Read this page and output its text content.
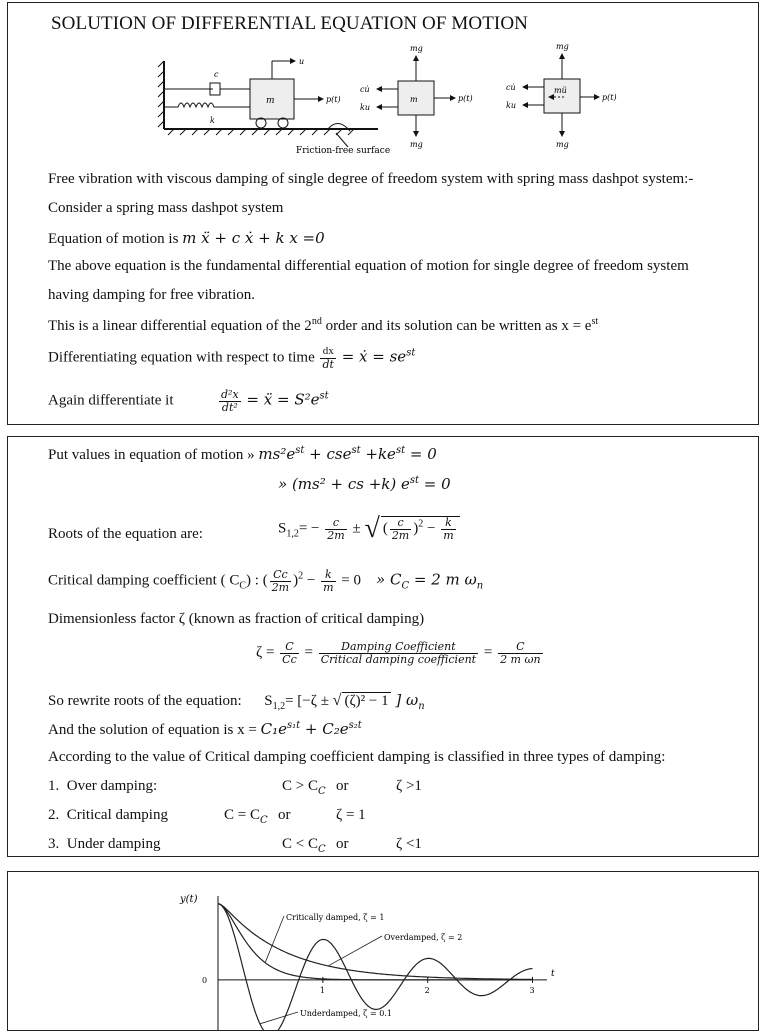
SOLUTION OF DIFFERENTIAL EQUATION OF MOTION
c
k
m
u
p(t)
Friction-free surface
m
mg
mg
cu̇
ku
p(t)
mü
mg
mg
cu̇
ku
p(t)
Free vibration with viscous damping of single degree of freedom system with spring mass dashpot system:-
Consider a spring mass dashpot system
Equation of motion is m ẍ + c ẋ + k x =0
The above equation is the fundamental differential equation of motion for single degree of freedom system
having damping for free vibration.
This is a linear differential equation of the 2nd order and its solution can be written as $x = e^{st}$
Differentiating equation with respect to time $\frac{dx}{dt}$ = ẋ = $se^{st}$
Again differentiate it	$\frac{\text{d²x}}{\text{dt²}}$ = ẍ = $S^2e^{st}$
Put values in equation of motion » $ms^2e^{st} + cse^{st} +ke^{st} = 0$
» (ms² + cs +k) $e^{st} = 0$
Roots of the equation are:	$S_{1,2}= - \frac{c}{2m}$ ± √( $\frac{c}{2m} )^2 - \frac{k}{m}$
Critical damping coefficient ( $C_C$) : ( $\frac{Cc}{2m} )^2 - \frac{k}{m} = 0$ » $C_C = 2$ m $\omega_n$
Dimensionless factor ζ (known as fraction of critical damping)
$\zeta = \frac{C}{Cc} = \frac{\text{Damping Coefficient}}{\text{Critical damping coefficient}} = \frac{C}{\text{2 m ωn}}$
So rewrite roots of the equation: $S_{1,2}= [-\zeta$ ± √ (ζ)² − 1 ] $\omega_n$
And the solution of equation is $x = C_1e^{s_1t} + C_2e^{s_2t}$
According to the value of Critical damping coefficient damping is classified in three types of damping:
1. Over damping:	$C > C_C$ or	ζ >1
2. Critical damping	$C = C_C$ or	ζ = 1
3. Under damping	$C < C_C$ or	ζ <1
y(t)
t
1	2	3
0
Critically damped, ζ = 1
Overdamped, ζ = 2
Underdamped, ζ = 0.1
